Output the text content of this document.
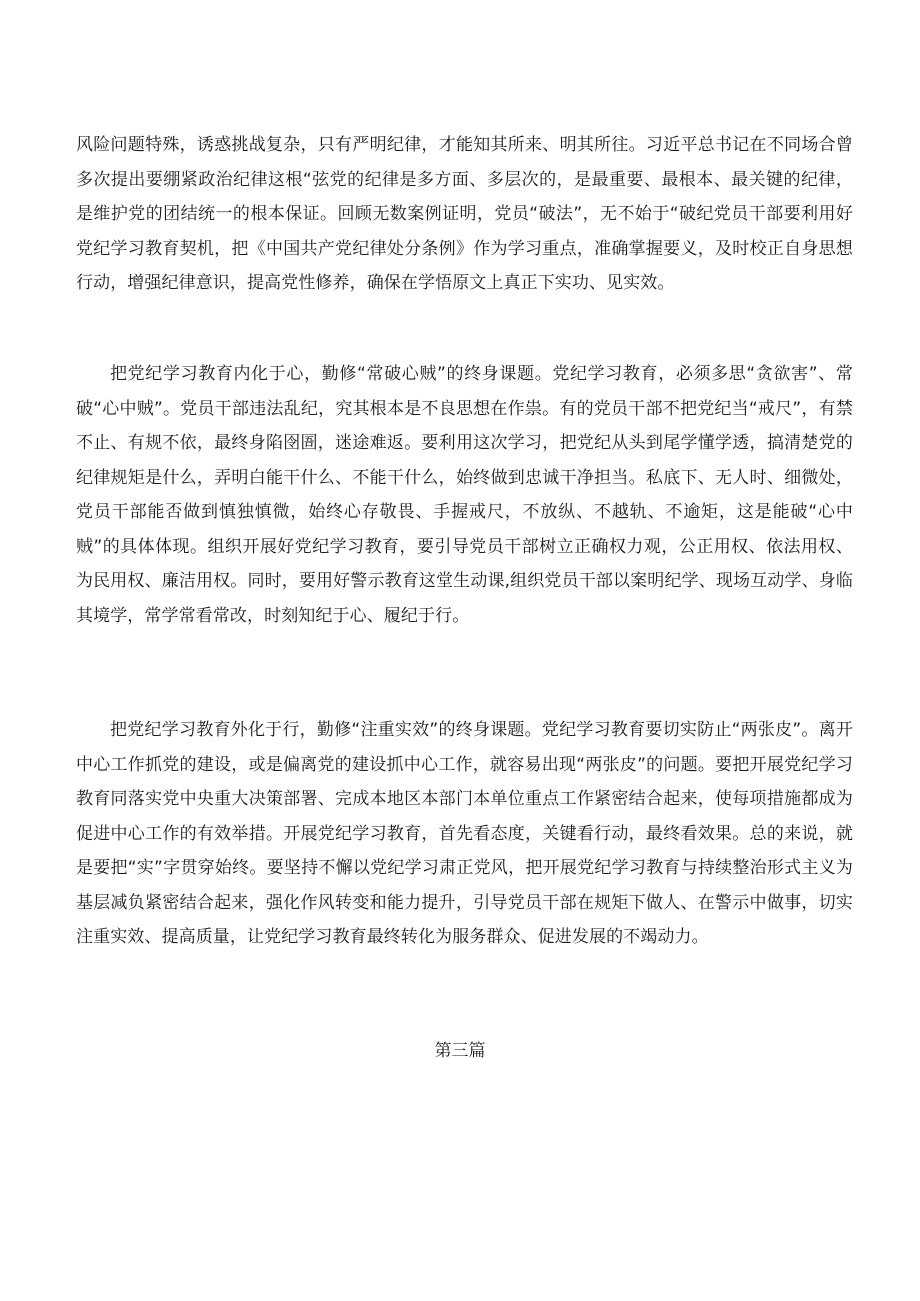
风险问题特殊，诱惑挑战复杂，只有严明纪律，才能知其所来、明其所往。习近平总书记在不同场合曾多次提出要绷紧政治纪律这根“弦党的纪律是多方面、多层次的，是最重要、最根本、最关键的纪律，是维护党的团结统一的根本保证。回顾无数案例证明，党员“破法”，无不始于“破纪党员干部要利用好党纪学习教育契机，把《中国共产党纪律处分条例》作为学习重点，准确掌握要义，及时校正自身思想行动，增强纪律意识，提高党性修养，确保在学悟原文上真正下实功、见实效。

把党纪学习教育内化于心，勤修“常破心贼”的终身课题。党纪学习教育，必须多思“贪欲害”、常破“心中贼”。党员干部违法乱纪，究其根本是不良思想在作祟。有的党员干部不把党纪当“戒尺”，有禁不止、有规不依，最终身陷囹圄，迷途难返。要利用这次学习，把党纪从头到尾学懂学透，搞清楚党的纪律规矩是什么，弄明白能干什么、不能干什么，始终做到忠诚干净担当。私底下、无人时、细微处，党员干部能否做到慎独慎微，始终心存敬畏、手握戒尺，不放纵、不越轨、不逾矩，这是能破“心中贼”的具体体现。组织开展好党纪学习教育，要引导党员干部树立正确权力观，公正用权、依法用权、为民用权、廉洁用权。同时，要用好警示教育这堂生动课,组织党员干部以案明纪学、现场互动学、身临其境学，常学常看常改，时刻知纪于心、履纪于行。

把党纪学习教育外化于行，勤修“注重实效”的终身课题。党纪学习教育要切实防止“两张皮”。离开中心工作抓党的建设，或是偏离党的建设抓中心工作，就容易出现“两张皮”的问题。要把开展党纪学习教育同落实党中央重大决策部署、完成本地区本部门本单位重点工作紧密结合起来，使每项措施都成为促进中心工作的有效举措。开展党纪学习教育，首先看态度，关键看行动，最终看效果。总的来说，就是要把“实”字贯穿始终。要坚持不懈以党纪学习肃正党风，把开展党纪学习教育与持续整治形式主义为基层减负紧密结合起来，强化作风转变和能力提升，引导党员干部在规矩下做人、在警示中做事，切实注重实效、提高质量，让党纪学习教育最终转化为服务群众、促进发展的不竭动力。

第三篇
